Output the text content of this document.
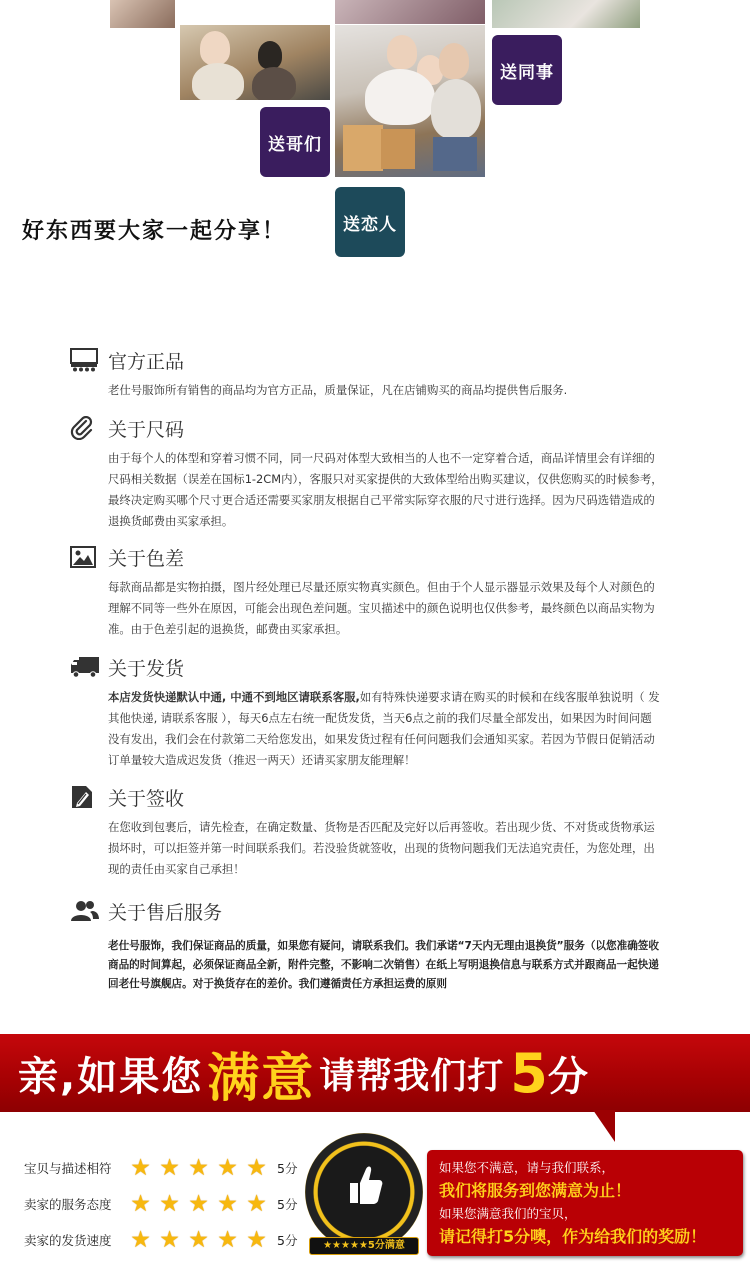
送同事
送哥们
送恋人
好东西要大家一起分享！
官方正品
老仕号服饰所有销售的商品均为官方正品，质量保证，凡在店铺购买的商品均提供售后服务.
关于尺码
由于每个人的体型和穿着习惯不同，同一尺码对体型大致相当的人也不一定穿着合适，商品详情里会有详细的尺码相关数据（误差在国标1-2CM内），客服只对买家提供的大致体型给出购买建议，仅供您购买的时候参考，最终决定购买哪个尺寸更合适还需要买家朋友根据自己平常实际穿衣服的尺寸进行选择。因为尺码选错造成的退换货邮费由买家承担。
关于色差
每款商品都是实物拍摄，图片经处理已尽量还原实物真实颜色。但由于个人显示器显示效果及每个人对颜色的理解不同等一些外在原因，可能会出现色差问题。宝贝描述中的颜色说明也仅供参考，最终颜色以商品实物为准。由于色差引起的退换货，邮费由买家承担。
关于发货
本店发货快递默认中通, 中通不到地区请联系客服,如有特殊快递要求请在购买的时候和在线客服单独说明（ 发其他快递, 请联系客服 ），每天6点左右统一配货发货，当天6点之前的我们尽量全部发出，如果因为时间问题没有发出，我们会在付款第二天给您发出，如果发货过程有任何问题我们会通知买家。若因为节假日促销活动订单量较大造成迟发货（推迟一两天）还请买家朋友能理解！
关于签收
在您收到包裹后，请先检查，在确定数量、货物是否匹配及完好以后再签收。若出现少货、不对货或货物承运损坏时，可以拒签并第一时间联系我们。若没验货就签收，出现的货物问题我们无法追究责任，为您处理，出现的责任由买家自己承担！
关于售后服务
老仕号服饰，我们保证商品的质量，如果您有疑问，请联系我们。我们承诺“7天内无理由退换货”服务（以您准确签收商品的时间算起，必须保证商品全新，附件完整，不影响二次销售）在纸上写明退换信息与联系方式并跟商品一起快递回老仕号旗舰店。对于换货存在的差价。我们遵循责任方承担运费的原则
亲,如果您 满意 请帮我们打 5 分
宝贝与描述相符 ★ ★ ★ ★ ★ 5分
卖家的服务态度 ★ ★ ★ ★ ★ 5分
卖家的发货速度 ★ ★ ★ ★ ★ 5分	★★★★★5分满意
如果您不满意，请与我们联系，
我们将服务到您满意为止！
如果您满意我们的宝贝，
请记得打5分噢，作为给我们的奖励！
